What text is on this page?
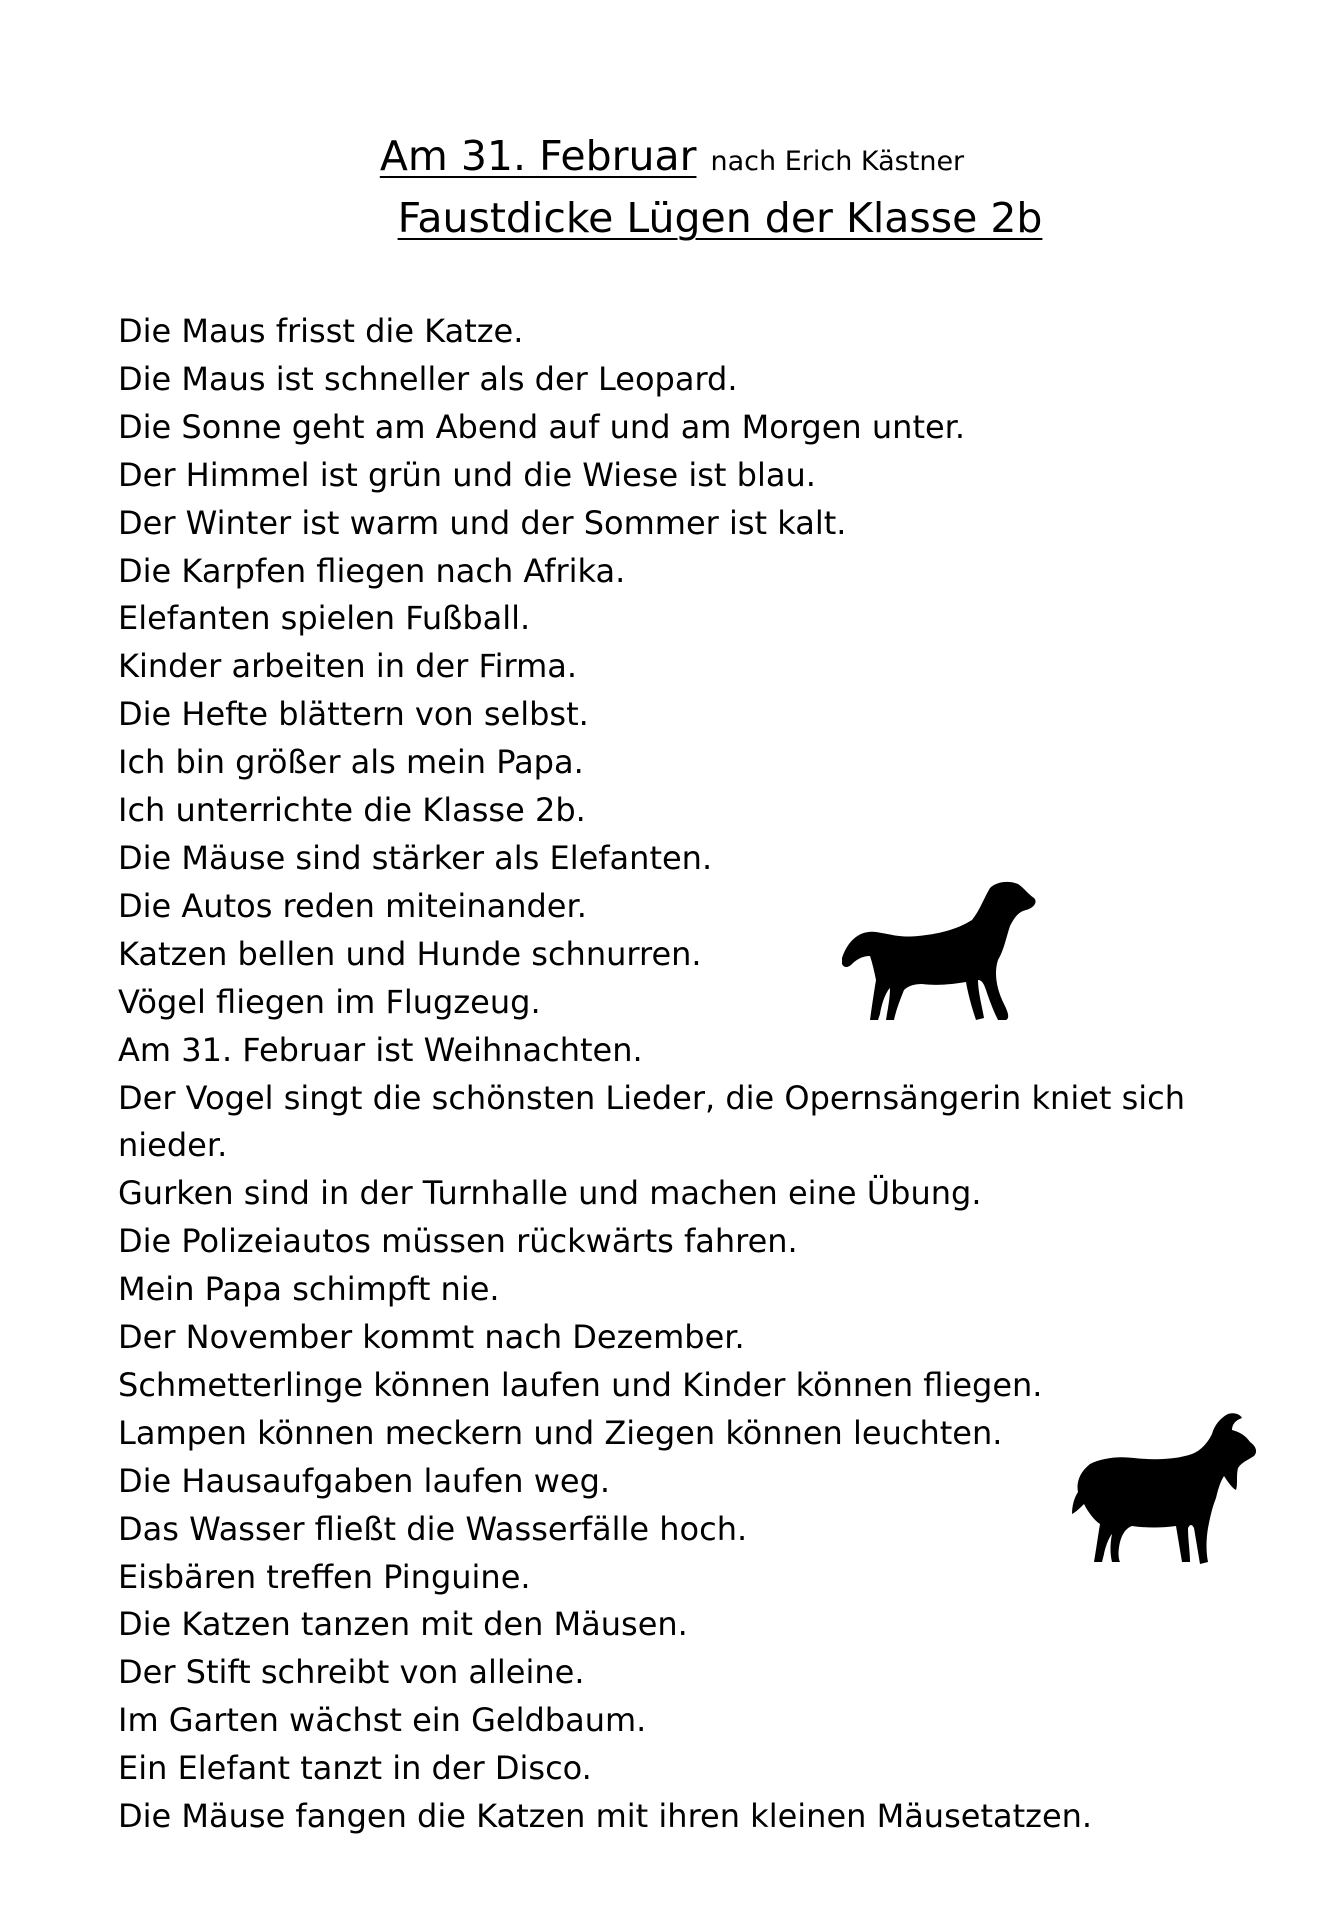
Am 31. Februar nach Erich Kästner
Faustdicke Lügen der Klasse 2b
Die Maus frisst die Katze.
Die Maus ist schneller als der Leopard.
Die Sonne geht am Abend auf und am Morgen unter.
Der Himmel ist grün und die Wiese ist blau.
Der Winter ist warm und der Sommer ist kalt.
Die Karpfen fliegen nach Afrika.
Elefanten spielen Fußball.
Kinder arbeiten in der Firma.
Die Hefte blättern von selbst.
Ich bin größer als mein Papa.
Ich unterrichte die Klasse 2b.
Die Mäuse sind stärker als Elefanten.
Die Autos reden miteinander.
Katzen bellen und Hunde schnurren.
Vögel fliegen im Flugzeug.
Am 31. Februar ist Weihnachten.
Der Vogel singt die schönsten Lieder, die Opernsängerin kniet sich nieder.
Gurken sind in der Turnhalle und machen eine Übung.
Die Polizeiautos müssen rückwärts fahren.
Mein Papa schimpft nie.
Der November kommt nach Dezember.
Schmetterlinge können laufen und Kinder können fliegen.
Lampen können meckern und Ziegen können leuchten.
Die Hausaufgaben laufen weg.
Das Wasser fließt die Wasserfälle hoch.
Eisbären treffen Pinguine.
Die Katzen tanzen mit den Mäusen.
Der Stift schreibt von alleine.
Im Garten wächst ein Geldbaum.
Ein Elefant tanzt in der Disco.
Die Mäuse fangen die Katzen mit ihren kleinen Mäusetatzen.
